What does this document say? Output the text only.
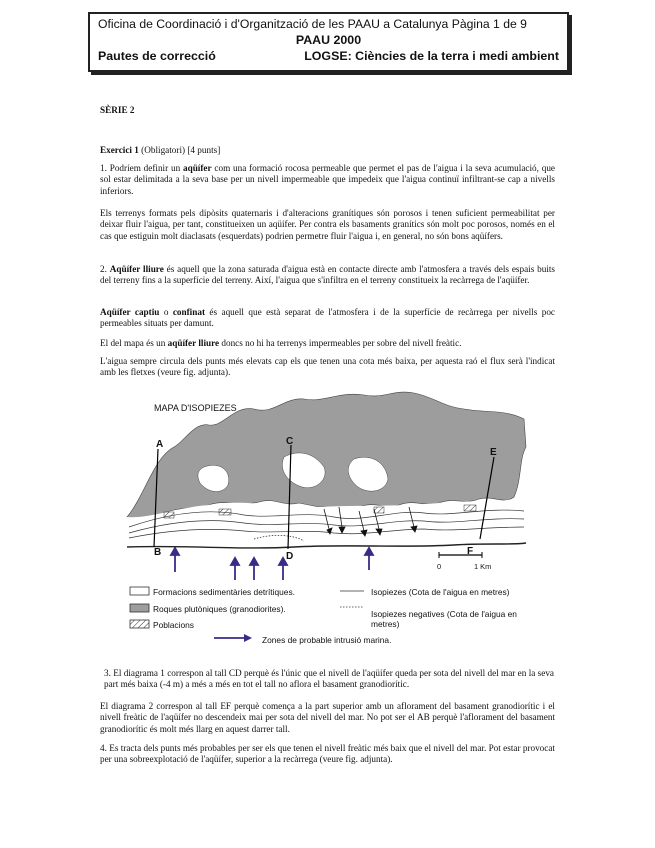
Oficina de Coordinació i d'Organització de les PAAU a Catalunya Pàgina 1 de 9
PAAU 2000
Pautes de correcció	LOGSE: Ciències de la terra i medi ambient
SÈRIE 2

Exercici 1 (Obligatori) [4 punts]

1. Podríem definir un aqüífer com una formació rocosa permeable que permet el pas de l'aigua i la seva acumulació, que sol estar delimitada a la seva base per un nivell impermeable que impedeix que l'aigua continuï infiltrant-se cap a nivells inferiors.

Els terrenys formats pels dipòsits quaternaris i d'alteracions granítiques són porosos i tenen suficient permeabilitat per deixar fluir l'aigua, per tant, constitueixen un aqüífer. Per contra els basaments granítics són molt poc porosos, només en el cas que estiguin molt diaclasats (esquerdats) podrien permetre fluir l'aigua i, en general, no són bons aqüífers.

2. Aqüífer lliure és aquell que la zona saturada d'aigua està en contacte directe amb l'atmosfera a través dels espais buits del terreny fins a la superfície del terreny. Així, l'aigua que s'infiltra en el terreny constitueix la recàrrega de l'aqüífer.

Aqüífer captiu o confinat és aquell que està separat de l'atmosfera i de la superfície de recàrrega per nivells poc permeables situats per damunt.

El del mapa és un aqüífer lliure doncs no hi ha terrenys impermeables per sobre del nivell freàtic.

L'aigua sempre circula dels punts més elevats cap els que tenen una cota més baixa, per aquesta raó el flux serà l'indicat amb les fletxes (veure fig. adjunta).

MAPA D'ISOPIEZES
A
B
C
D
E
F
0	1 Km
Formacions sedimentàries detrítiques.
Roques plutòniques (granodiorites).
Poblacions
Isopiezes (Cota de l'aigua en metres)
Isopiezes negatives (Cota de l'aigua en metres)
Zones de probable intrusió marina.

3. El diagrama 1 correspon al tall CD perquè és l'únic que el nivell de l'aqüífer queda per sota del nivell del mar en la seva part més baixa (-4 m) a més a més en tot el tall no aflora el basament granodiorític.

El diagrama 2 correspon al tall EF perquè comença a la part superior amb un aflorament del basament granodiorític i el nivell freàtic de l'aqüífer no descendeix mai per sota del nivell del mar. No pot ser el AB perquè l'aflorament del basament granodiorític és molt més llarg en aquest darrer tall.

4. Es tracta dels punts més probables per ser els que tenen el nivell freàtic més baix que el nivell del mar. Pot estar provocat per una sobreexplotació de l'aqüífer, superior a la recàrrega (veure fig. adjunta).
